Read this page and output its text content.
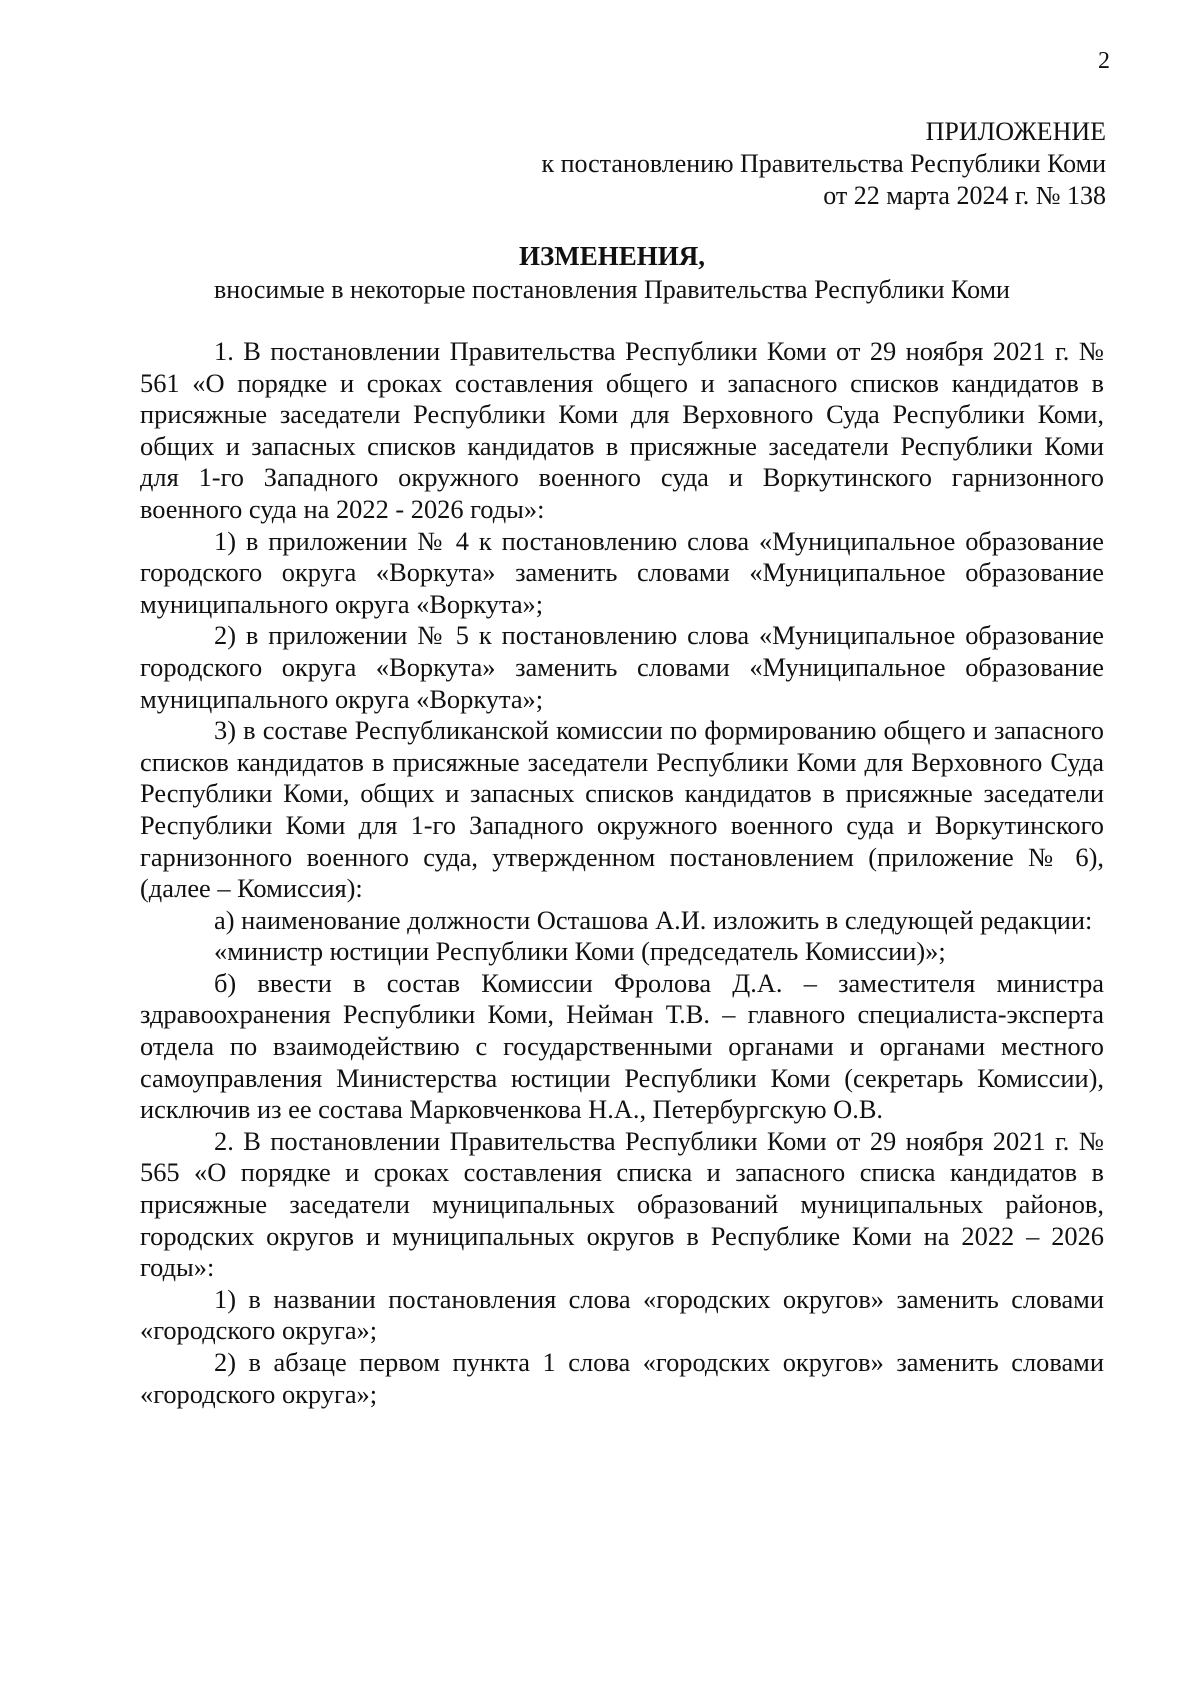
2
ПРИЛОЖЕНИЕ
к постановлению Правительства Республики Коми
от 22 марта 2024 г. № 138
ИЗМЕНЕНИЯ,
вносимые в некоторые постановления Правительства Республики Коми

1. В постановлении Правительства Республики Коми от 29 ноября 2021 г. № 561 «О порядке и сроках составления общего и запасного списков кандидатов в присяжные заседатели Республики Коми для Верховного Суда Республики Коми, общих и запасных списков кандидатов в присяжные заседатели Республики Коми для 1-го Западного окружного военного суда и Воркутинского гарнизонного военного суда на 2022 - 2026 годы»:

1) в приложении № 4 к постановлению слова «Муниципальное образование городского округа «Воркута» заменить словами «Муниципальное образование муниципального округа «Воркута»;

2) в приложении № 5 к постановлению слова «Муниципальное образование городского округа «Воркута» заменить словами «Муниципальное образование муниципального округа «Воркута»;

3) в составе Республиканской комиссии по формированию общего и запасного списков кандидатов в присяжные заседатели Республики Коми для Верховного Суда Республики Коми, общих и запасных списков кандидатов в присяжные заседатели Республики Коми для 1-го Западного окружного военного суда и Воркутинского гарнизонного военного суда, утвержденном постановлением (приложение № 6), (далее – Комиссия):

а) наименование должности Осташова А.И. изложить в следующей редакции:

«министр юстиции Республики Коми (председатель Комиссии)»;

б) ввести в состав Комиссии Фролова Д.А. – заместителя министра здравоохранения Республики Коми, Нейман Т.В. – главного специалиста-эксперта отдела по взаимодействию с государственными органами и органами местного самоуправления Министерства юстиции Республики Коми (секретарь Комиссии), исключив из ее состава Марковченкова Н.А., Петербургскую О.В.

2. В постановлении Правительства Республики Коми от 29 ноября 2021 г. № 565 «О порядке и сроках составления списка и запасного списка кандидатов в присяжные заседатели муниципальных образований муниципальных районов, городских округов и муниципальных округов в Республике Коми на 2022 – 2026 годы»:

1) в названии постановления слова «городских округов» заменить словами «городского округа»;

2) в абзаце первом пункта 1 слова «городских округов» заменить словами «городского округа»;
